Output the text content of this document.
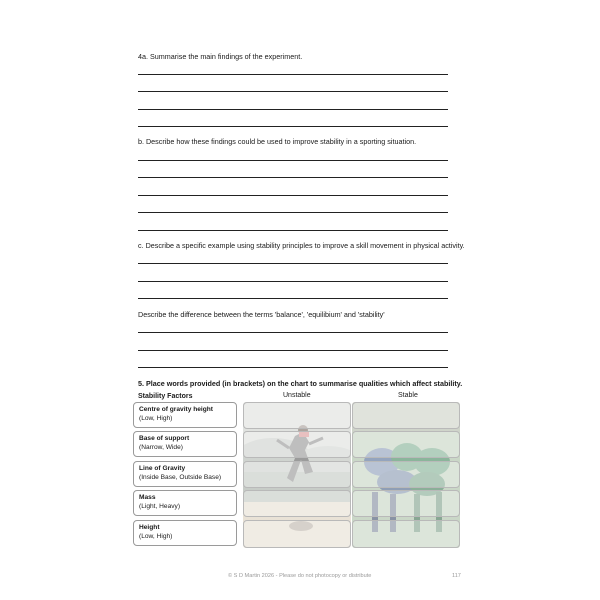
4a. Summarise the main findings of the experiment.
b. Describe how these findings could be used to improve stability in a sporting situation.
c. Describe a specific example using stability principles to improve a skill movement in physical activity.
Describe the difference between the terms 'balance', 'equilibium' and 'stability'
5. Place words provided (in brackets) on the chart to summarise qualities which affect stability.
Stability Factors	Unstable	Stable
Centre of gravity height
(Low, High)
Base of support
(Narrow, Wide)
Line of Gravity
(Inside Base, Outside Base)
Mass
(Light, Heavy)
Height
(Low, High)
© S D Martin 2026 - Please do not photocopy or distribute	117
